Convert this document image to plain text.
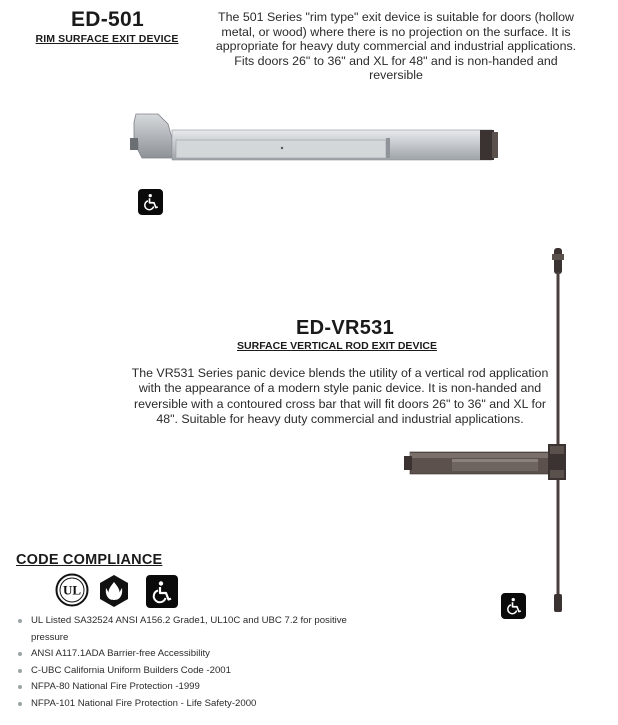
ED-501
RIM SURFACE EXIT DEVICE
The 501 Series "rim type" exit device is suitable for doors (hollow metal, or wood) where there is no projection on the surface. It is appropriate for heavy duty commercial and industrial applications. Fits doors 26" to 36" and XL for 48" and is non-handed and reversible
ED-VR531
SURFACE VERTICAL ROD EXIT DEVICE
The VR531 Series panic device blends the utility of a vertical rod application with the appearance of a modern style panic device. It is non-handed and reversible with a contoured cross bar that will fit doors 26" to 36" and XL for 48". Suitable for heavy duty commercial and industrial applications.
CODE COMPLIANCE
UL
UL Listed SA32524 ANSI A156.2 Grade1, UL10C and UBC 7.2 for positive pressure
ANSI A117.1ADA Barrier-free Accessibility
C-UBC California Uniform Builders Code -2001
NFPA-80 National Fire Protection -1999
NFPA-101 National Fire Protection - Life Safety-2000
